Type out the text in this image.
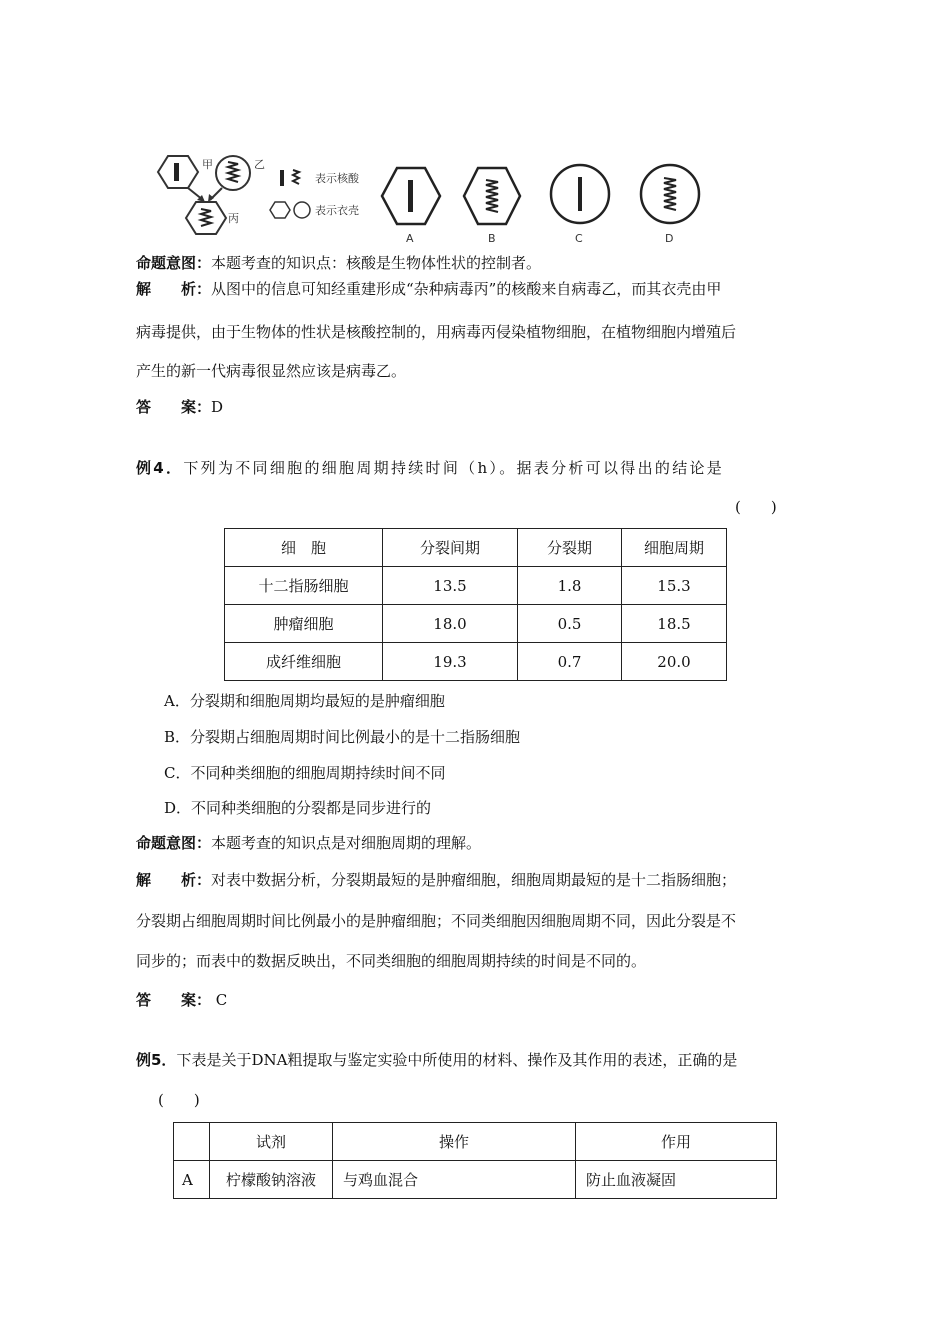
甲	乙
丙
表示核酸
表示衣壳
A	B	C	D
命题意图：本题考查的知识点：核酸是生物体性状的控制者。
解　　析：从图中的信息可知经重建形成“杂种病毒丙”的核酸来自病毒乙，而其衣壳由甲
病毒提供，由于生物体的性状是核酸控制的，用病毒丙侵染植物细胞，在植物细胞内增殖后
产生的新一代病毒很显然应该是病毒乙。
答　　案：D
例4．下列为不同细胞的细胞周期持续时间（h）。据表分析可以得出的结论是
(　　)
细　胞	分裂间期	分裂期	细胞周期
十二指肠细胞	13.5	1.8	15.3
肿瘤细胞	18.0	0.5	18.5
成纤维细胞	19.3	0.7	20.0
A．分裂期和细胞周期均最短的是肿瘤细胞
B．分裂期占细胞周期时间比例最小的是十二指肠细胞
C．不同种类细胞的细胞周期持续时间不同
D．不同种类细胞的分裂都是同步进行的
命题意图：本题考查的知识点是对细胞周期的理解。
解　　析：对表中数据分析，分裂期最短的是肿瘤细胞，细胞周期最短的是十二指肠细胞；
分裂期占细胞周期时间比例最小的是肿瘤细胞；不同类细胞因细胞周期不同，因此分裂是不
同步的；而表中的数据反映出，不同类细胞的细胞周期持续的时间是不同的。
答　　案： C
例5．下表是关于DNA粗提取与鉴定实验中所使用的材料、操作及其作用的表述，正确的是
(　　)
	试剂	操作	作用
A	柠檬酸钠溶液	与鸡血混合	防止血液凝固
